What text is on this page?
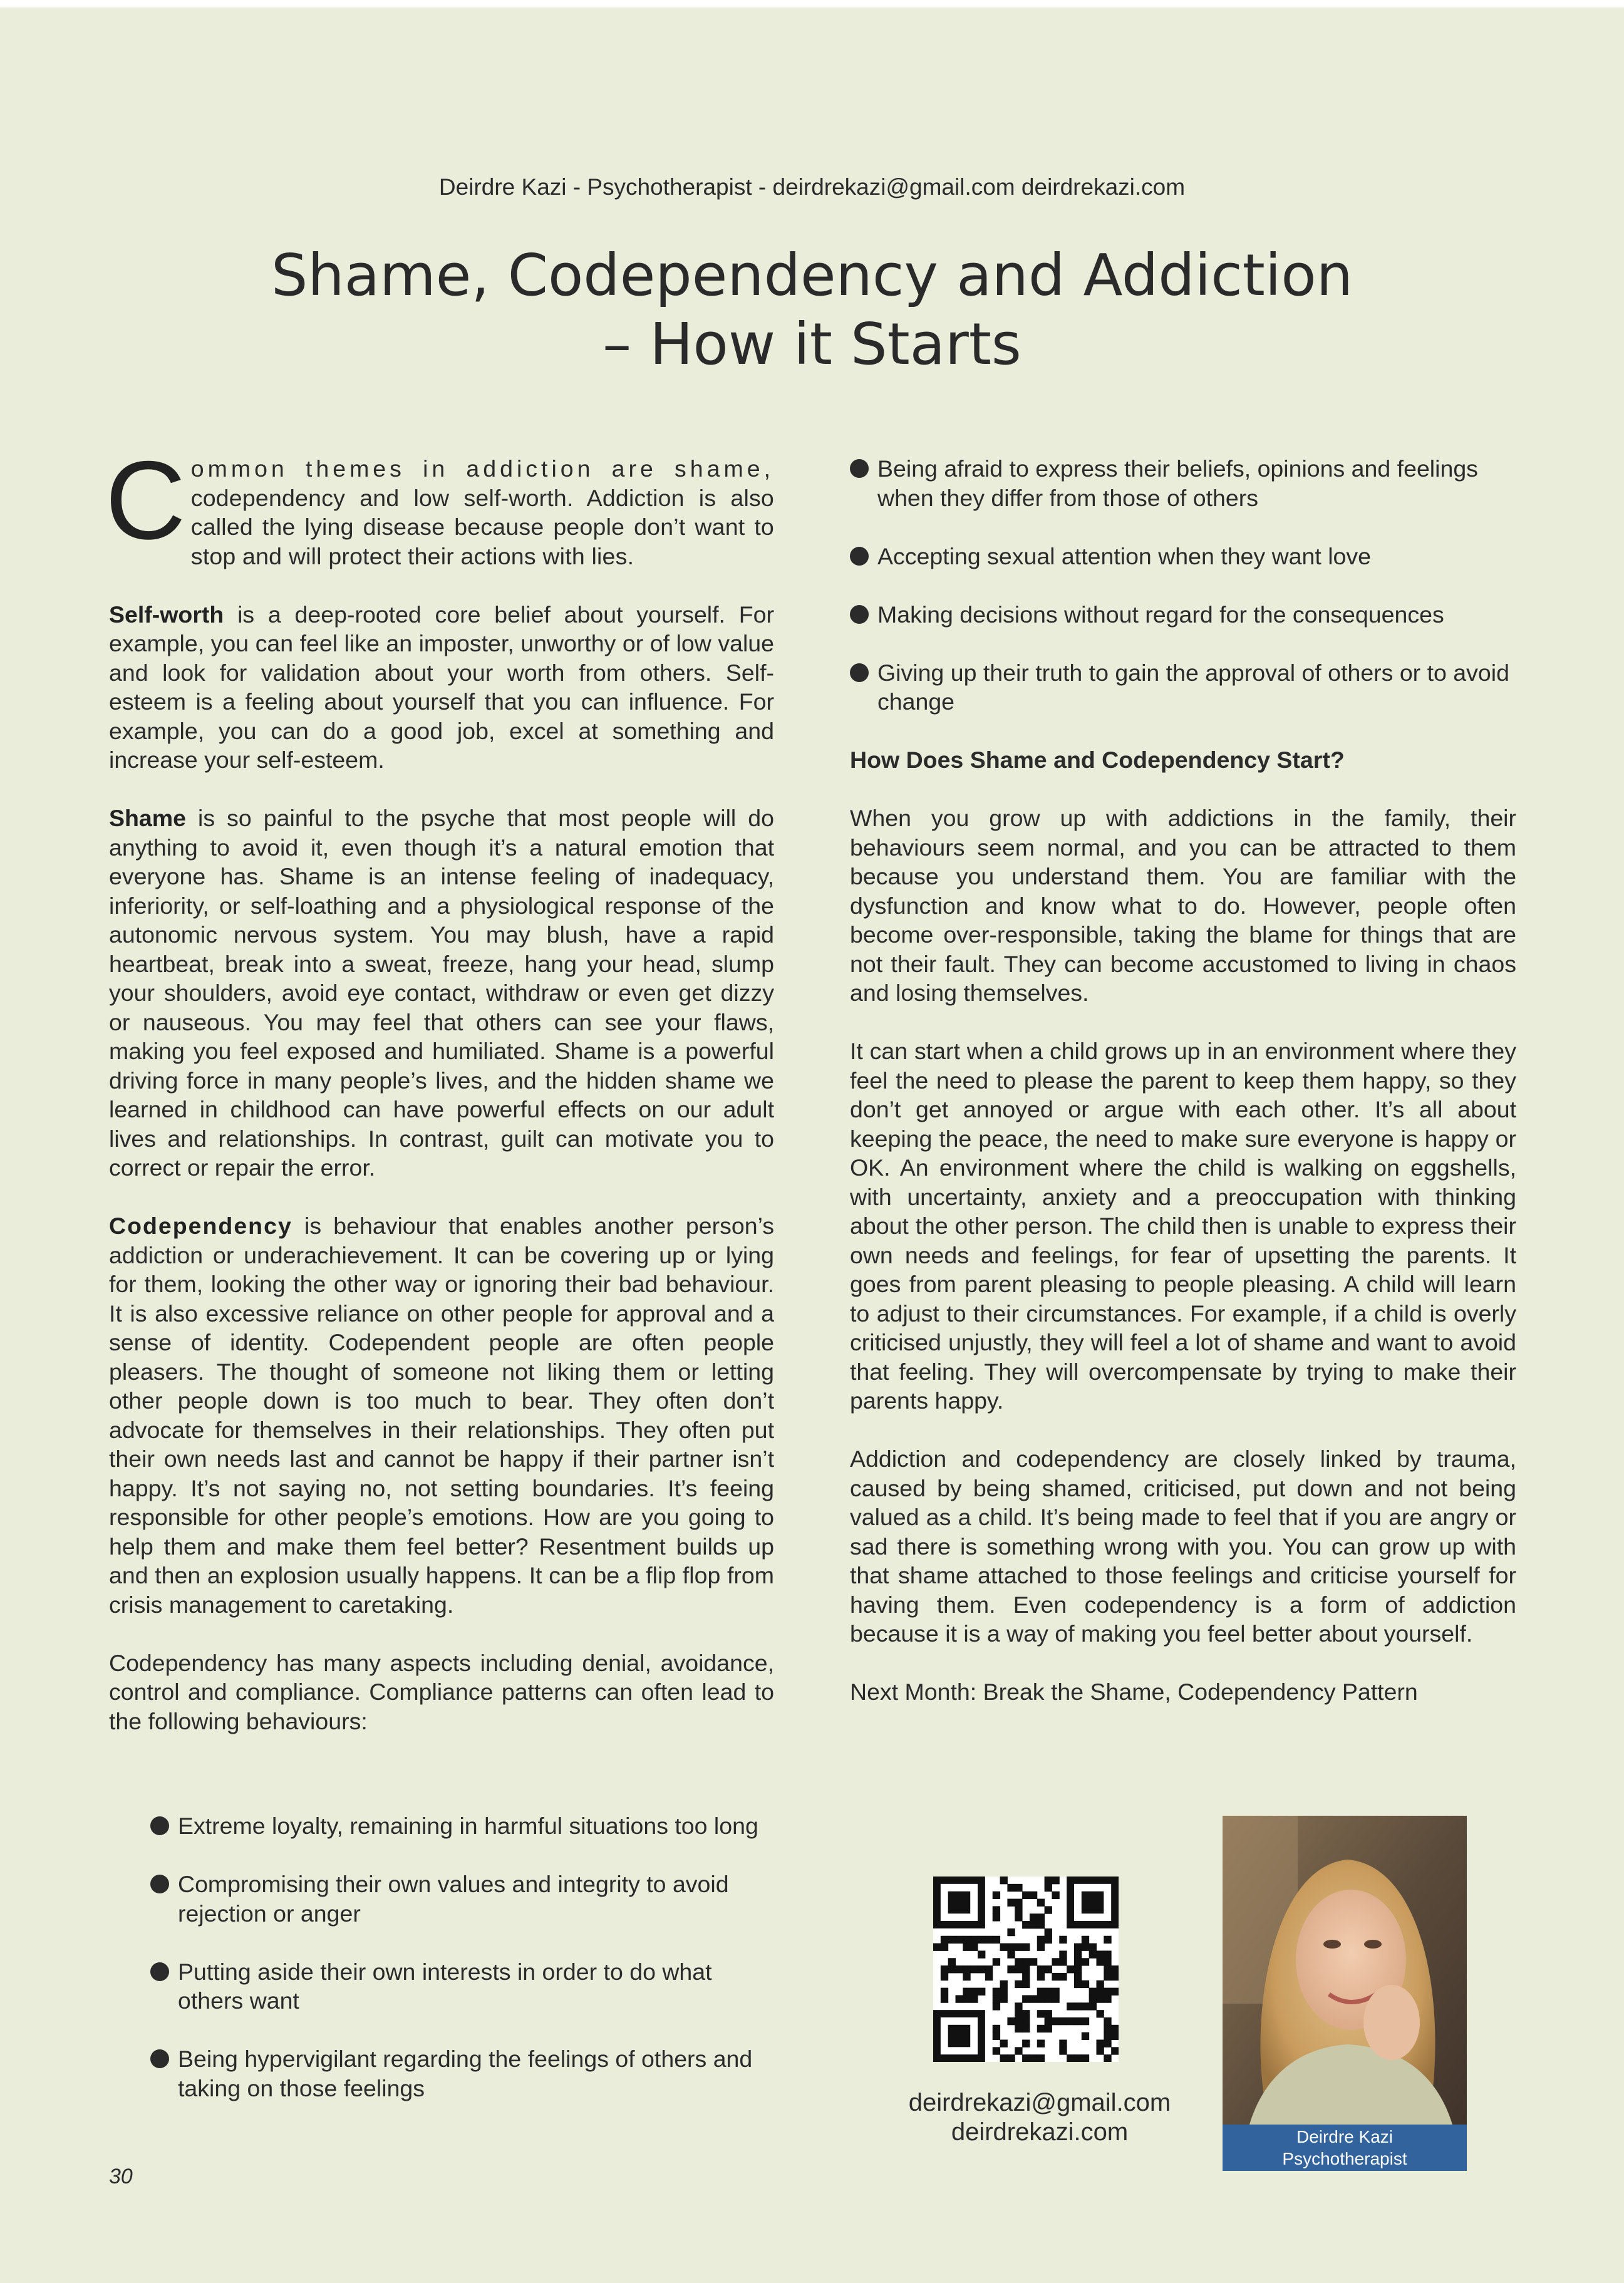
Deirdre Kazi - Psychotherapist - deirdrekazi@gmail.com deirdrekazi.com
Shame, Codependency and Addiction
– How it Starts

Common themes in addiction are shame, codependency and low self-worth. Addiction is also called the lying disease because people don’t want to stop and will protect their actions with lies.

Self-worth is a deep-rooted core belief about yourself. For example, you can feel like an imposter, unworthy or of low value and look for validation about your worth from others. Self-esteem is a feeling about yourself that you can influence. For example, you can do a good job, excel at something and increase your self-esteem.

Shame is so painful to the psyche that most people will do anything to avoid it, even though it’s a natural emotion that everyone has. Shame is an intense feeling of inadequacy, inferiority, or self-loathing and a physiological response of the autonomic nervous system. You may blush, have a rapid heartbeat, break into a sweat, freeze, hang your head, slump your shoulders, avoid eye contact, withdraw or even get dizzy or nauseous. You may feel that others can see your flaws, making you feel exposed and humiliated. Shame is a powerful driving force in many people’s lives, and the hidden shame we learned in childhood can have powerful effects on our adult lives and relationships. In contrast, guilt can motivate you to correct or repair the error.

Codependency is behaviour that enables another person’s addiction or underachievement. It can be covering up or lying for them, looking the other way or ignoring their bad behaviour. It is also excessive reliance on other people for approval and a sense of identity. Codependent people are often people pleasers. The thought of someone not liking them or letting other people down is too much to bear. They often don’t advocate for themselves in their relationships. They often put their own needs last and cannot be happy if their partner isn’t happy. It’s not saying no, not setting boundaries. It’s feeing responsible for other people’s emotions. How are you going to help them and make them feel better? Resentment builds up and then an explosion usually happens. It can be a flip flop from crisis management to caretaking.

Codependency has many aspects including denial, avoidance, control and compliance. Compliance patterns can often lead to the following behaviours:

Extreme loyalty, remaining in harmful situations too long
Compromising their own values and integrity to avoid rejection or anger
Putting aside their own interests in order to do what others want
Being hypervigilant regarding the feelings of others and taking on those feelings
Being afraid to express their beliefs, opinions and feelings when they differ from those of others
Accepting sexual attention when they want love
Making decisions without regard for the consequences
Giving up their truth to gain the approval of others or to avoid change

How Does Shame and Codependency Start?

When you grow up with addictions in the family, their behaviours seem normal, and you can be attracted to them because you understand them. You are familiar with the dysfunction and know what to do. However, people often become over-responsible, taking the blame for things that are not their fault. They can become accustomed to living in chaos and losing themselves.

It can start when a child grows up in an environment where they feel the need to please the parent to keep them happy, so they don’t get annoyed or argue with each other. It’s all about keeping the peace, the need to make sure everyone is happy or OK. An environment where the child is walking on eggshells, with uncertainty, anxiety and a preoccupation with thinking about the other person. The child then is unable to express their own needs and feelings, for fear of upsetting the parents. It goes from parent pleasing to people pleasing. A child will learn to adjust to their circumstances. For example, if a child is overly criticised unjustly, they will feel a lot of shame and want to avoid that feeling. They will overcompensate by trying to make their parents happy.

Addiction and codependency are closely linked by trauma, caused by being shamed, criticised, put down and not being valued as a child. It’s being made to feel that if you are angry or sad there is something wrong with you. You can grow up with that shame attached to those feelings and criticise yourself for having them. Even codependency is a form of addiction because it is a way of making you feel better about yourself.

Next Month: Break the Shame, Codependency Pattern

deirdrekazi@gmail.com
deirdrekazi.com	Deirdre Kazi
Psychotherapist
30
